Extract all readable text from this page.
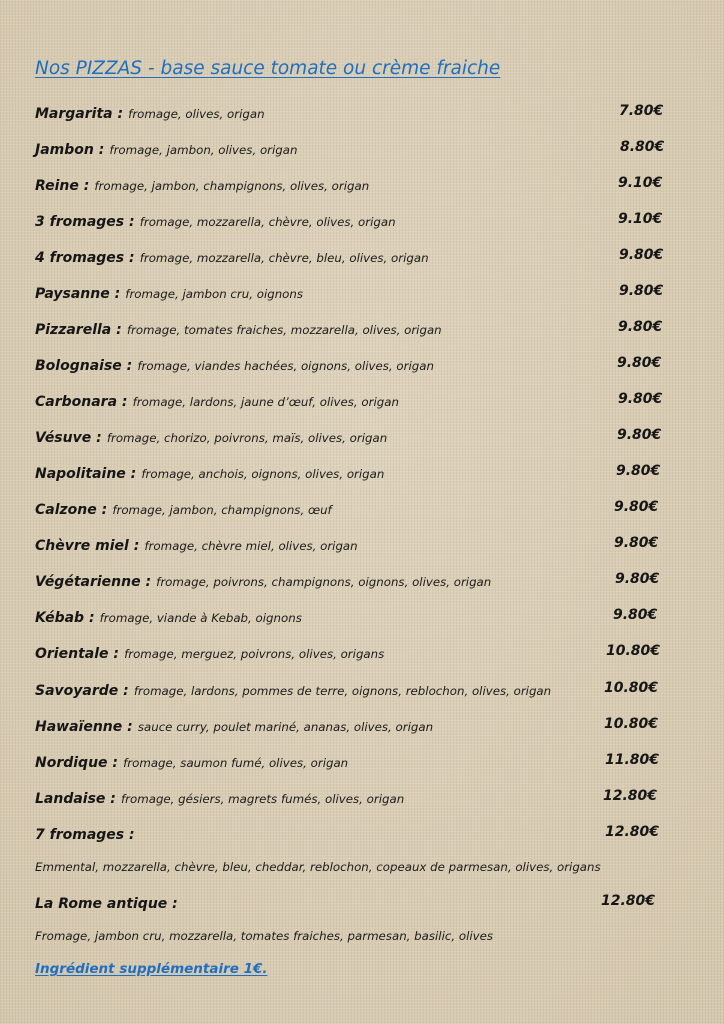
Nos PIZZAS - base sauce tomate ou crème fraiche
Margarita : fromage, olives, origan	7.80€
Jambon : fromage, jambon, olives, origan	8.80€
Reine : fromage, jambon, champignons, olives, origan	9.10€
3 fromages : fromage, mozzarella, chèvre, olives, origan	9.10€
4 fromages : fromage, mozzarella, chèvre, bleu, olives, origan	9.80€
Paysanne : fromage, jambon cru, oignons	9.80€
Pizzarella : fromage, tomates fraiches, mozzarella, olives, origan	9.80€
Bolognaise : fromage, viandes hachées, oignons, olives, origan	9.80€
Carbonara : fromage, lardons, jaune d’œuf, olives, origan	9.80€
Vésuve : fromage, chorizo, poivrons, maïs, olives, origan	9.80€
Napolitaine : fromage, anchois, oignons, olives, origan	9.80€
Calzone : fromage, jambon, champignons, œuf	9.80€
Chèvre miel : fromage, chèvre miel, olives, origan	9.80€
Végétarienne : fromage, poivrons, champignons, oignons, olives, origan	9.80€
Kébab : fromage, viande à Kebab, oignons	9.80€
Orientale : fromage, merguez, poivrons, olives, origans	10.80€
Savoyarde : fromage, lardons, pommes de terre, oignons, reblochon, olives, origan	10.80€
Hawaïenne : sauce curry, poulet mariné, ananas, olives, origan	10.80€
Nordique : fromage, saumon fumé, olives, origan	11.80€
Landaise : fromage, gésiers, magrets fumés, olives, origan	12.80€
7 fromages :	12.80€
Emmental, mozzarella, chèvre, bleu, cheddar, reblochon, copeaux de parmesan, olives, origans
La Rome antique :	12.80€
Fromage, jambon cru, mozzarella, tomates fraiches, parmesan, basilic, olives
Ingrédient supplémentaire 1€.
